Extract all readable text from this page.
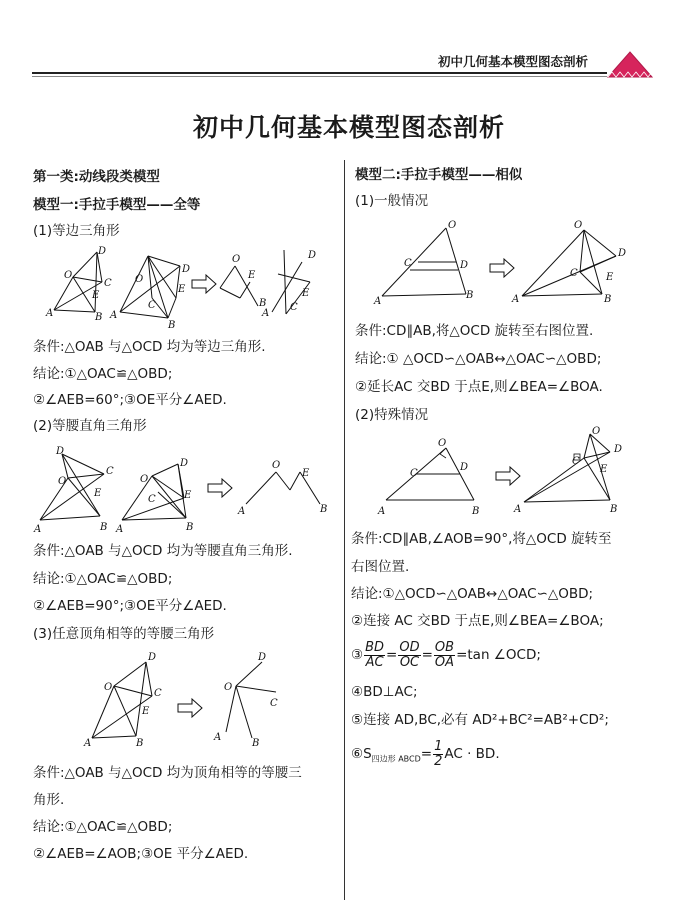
初中几何基本模型图态剖析
初中几何基本模型图态剖析
第一类:动线段类模型
模型一:手拉手模型——全等
(1)等边三角形
O
A	B
C
D
E
O
A
B
D
E
C
O
E
B
D
E
C
A
条件:△OAB 与△OCD 均为等边三角形.
结论:①△OAC≌△OBD;
②∠AEB=60°;③OE平分∠AED.
(2)等腰直角三角形
D
C
O
E
A	B
D
O
C	E
A	B
O
E
A	B
条件:△OAB 与△OCD 均为等腰直角三角形.
结论:①△OAC≌△OBD;
②∠AEB=90°;③OE平分∠AED.
(3)任意顶角相等的等腰三角形
O
D
C
E
A	B
O
D
C
A
B
条件:△OAB 与△OCD 均为顶角相等的等腰三
角形.
结论:①△OAC≌△OBD;
②∠AEB=∠AOB;③OE 平分∠AED.
模型二:手拉手模型——相似
(1)一般情况
O
C	D
A
B
O
D
C	E
A	B
条件:CD∥AB,将△OCD 旋转至右图位置.
结论:① △OCD∽△OAB↔△OAC∽△OBD;
②延长AC 交BD 于点E,则∠BEA=∠BOA.
(2)特殊情况
O
C
D
A	B
O
D
C
E
A	B
条件:CD∥AB,∠AOB=90°,将△OCD 旋转至
右图位置.
结论:①△OCD∽△OAB↔△OAC∽△OBD;
②连接 AC 交BD 于点E,则∠BEA=∠BOA;
③ $\frac{BD}{AC} = \frac{OD}{OC} = \frac{OB}{OA} =\tan$ ∠OCD;
④BD⊥AC;
⑤连接 AD,BC,必有 AD²+BC²=AB²+CD²;
$⑥S_{四边形 ABCD}= \frac{1}{2}$ AC · BD.
